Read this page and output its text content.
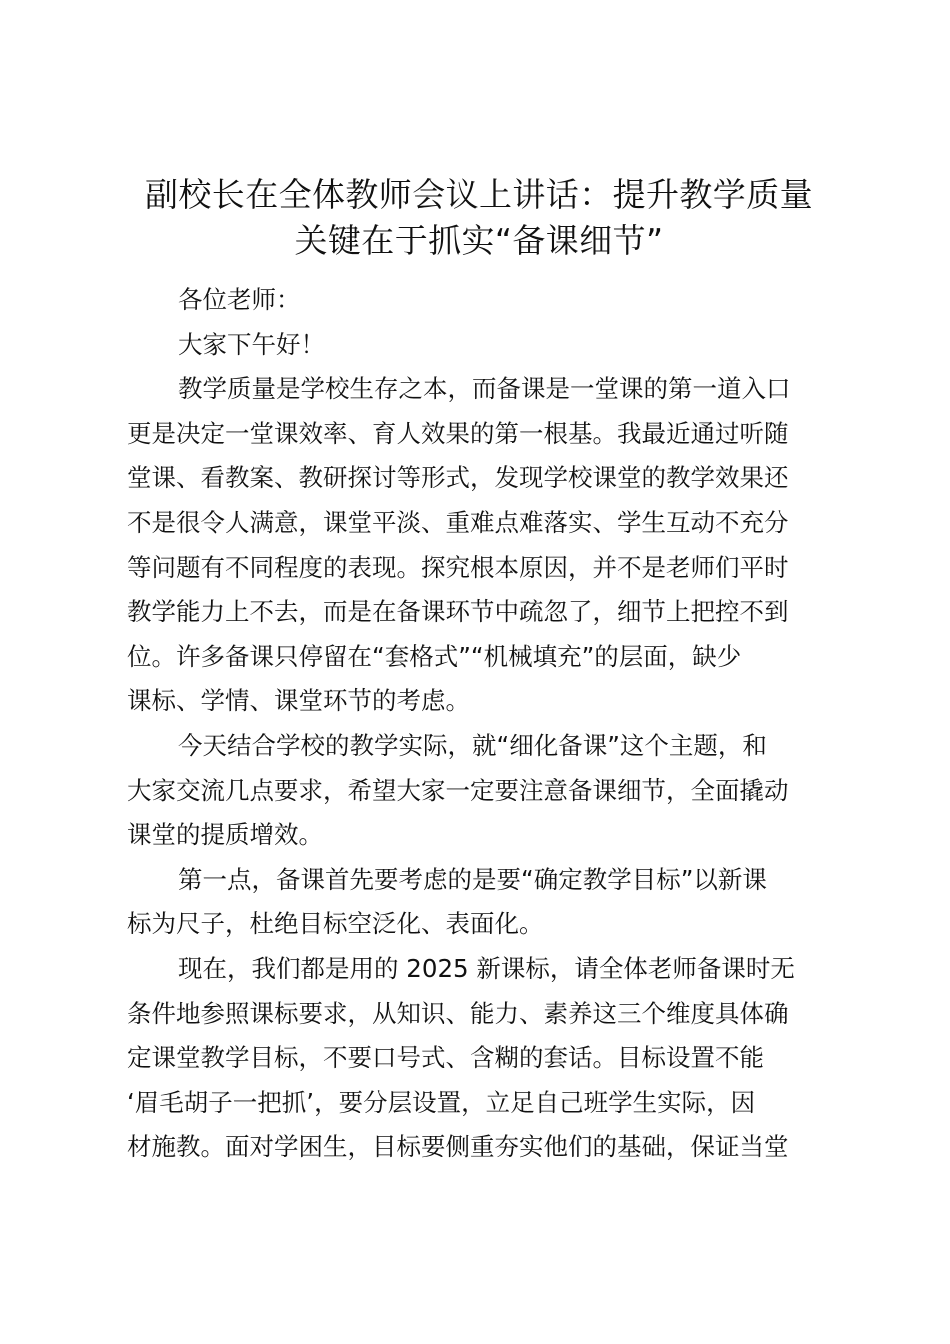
副校长在全体教师会议上讲话：提升教学质量
关键在于抓实“备课细节”
各位老师：
大家下午好！
教学质量是学校生存之本，而备课是一堂课的第一道入口
更是决定一堂课效率、育人效果的第一根基。我最近通过听随
堂课、看教案、教研探讨等形式，发现学校课堂的教学效果还
不是很令人满意，课堂平淡、重难点难落实、学生互动不充分
等问题有不同程度的表现。探究根本原因，并不是老师们平时
教学能力上不去，而是在备课环节中疏忽了，细节上把控不到
位。许多备课只停留在“套格式”“机械填充”的层面，缺少
课标、学情、课堂环节的考虑。
今天结合学校的教学实际，就“细化备课”这个主题，和
大家交流几点要求，希望大家一定要注意备课细节，全面撬动
课堂的提质增效。
第一点，备课首先要考虑的是要“确定教学目标”以新课
标为尺子，杜绝目标空泛化、表面化。
现在，我们都是用的 2025 新课标，请全体老师备课时无
条件地参照课标要求，从知识、能力、素养这三个维度具体确
定课堂教学目标，不要口号式、含糊的套话。目标设置不能
‘眉毛胡子一把抓’，要分层设置，立足自己班学生实际，因
材施教。面对学困生，目标要侧重夯实他们的基础，保证当堂
